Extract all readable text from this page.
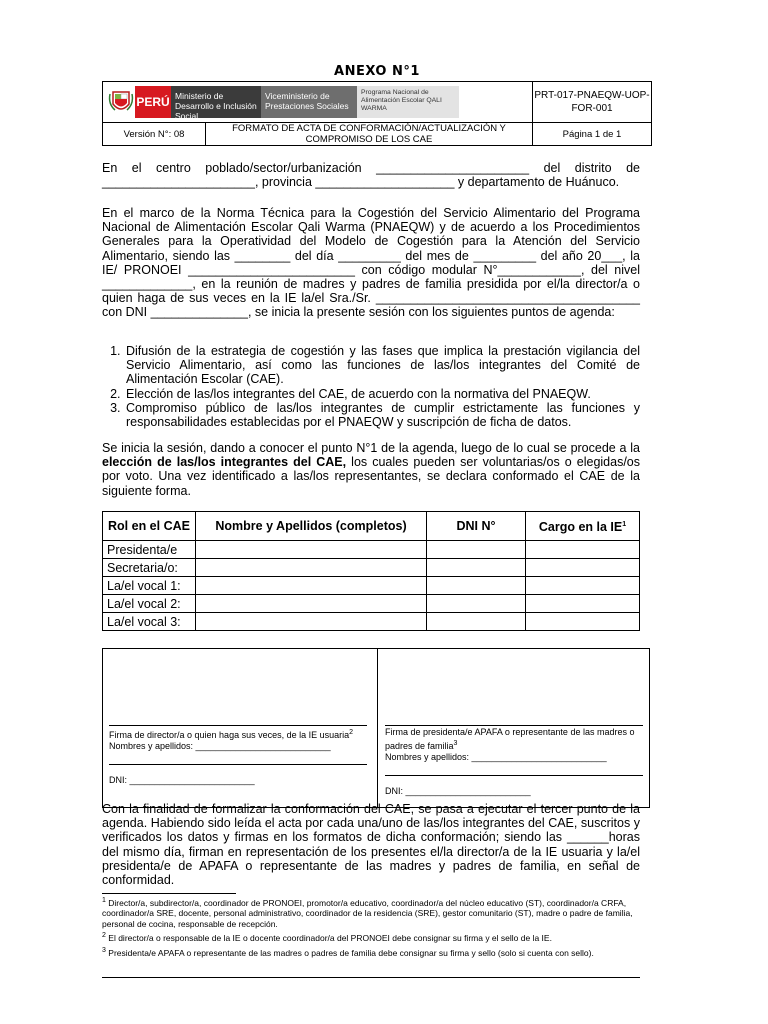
ANEXO N°1
PERÚ Ministerio de Desarrollo e Inclusión Social
Viceministerio de Prestaciones Sociales
Programa Nacional de Alimentación Escolar QALI WARMA		PRT-017-PNAEQW-UOP-FOR-001
Versión N°: 08	FORMATO DE ACTA DE CONFORMACIÓN/ACTUALIZACIÓN Y COMPROMISO DE LOS CAE	Página 1 de 1
En el centro poblado/sector/urbanización ______________________ del distrito de ______________________, provincia ____________________ y departamento de Huánuco.
En el marco de la Norma Técnica para la Cogestión del Servicio Alimentario del Programa Nacional de Alimentación Escolar Qali Warma (PNAEQW) y de acuerdo a los Procedimientos Generales para la Operatividad del Modelo de Cogestión para la Atención del Servicio Alimentario, siendo las ________ del día _________ del mes de _________ del año 20___, la IE/ PRONOEI ________________________ con código modular N°____________, del nivel _____________, en la reunión de madres y padres de familia presidida por el/la director/a o quien haga de sus veces en la IE la/el Sra./Sr. ______________________________________ con DNI ______________, se inicia la presente sesión con los siguientes puntos de agenda:
1. Difusión de la estrategia de cogestión y las fases que implica la prestación vigilancia del Servicio Alimentario, así como las funciones de las/los integrantes del Comité de Alimentación Escolar (CAE).
2. Elección de las/los integrantes del CAE, de acuerdo con la normativa del PNAEQW.
3. Compromiso público de las/los integrantes de cumplir estrictamente las funciones y responsabilidades establecidas por el PNAEQW y suscripción de ficha de datos.
Se inicia la sesión, dando a conocer el punto N°1 de la agenda, luego de lo cual se procede a la elección de las/los integrantes del CAE, los cuales pueden ser voluntarias/os o elegidas/os por voto. Una vez identificado a las/los representantes, se declara conformado el CAE de la siguiente forma.
Rol en el CAE	Nombre y Apellidos (completos)	DNI N°	Cargo en la $IE^1$
Presidenta/e			
Secretaria/o:			
La/el vocal 1:			
La/el vocal 2:			
La/el vocal 3:			
Firma de director/a o quien haga sus veces, de la IE usuaria$^2$
Nombres y apellidos: ___________________________
DNI: _________________________
Firma de presidenta/e APAFA o representante de las madres o padres de familia$^3$
Nombres y apellidos: ___________________________
DNI: _________________________
Con la finalidad de formalizar la conformación del CAE, se pasa a ejecutar el tercer punto de la agenda. Habiendo sido leída el acta por cada una/uno de las/los integrantes del CAE, suscritos y verificados los datos y firmas en los formatos de dicha conformación; siendo las ______horas del mismo día, firman en representación de los presentes el/la director/a de la IE usuaria y la/el presidenta/e de APAFA o representante de las madres y padres de familia, en señal de conformidad.

$^1$ Director/a, subdirector/a, coordinador de PRONOEI, promotor/a educativo, coordinador/a del núcleo educativo (ST), coordinador/a CRFA, coordinador/a SRE, docente, personal administrativo, coordinador de la residencia (SRE), gestor comunitario (ST), madre o padre de familia, personal de cocina, responsable de recepción.

$^2$ El director/a o responsable de la IE o docente coordinador/a del PRONOEI debe consignar su firma y el sello de la IE.

$^3$ Presidenta/e APAFA o representante de las madres o padres de familia debe consignar su firma y sello (solo si cuenta con sello).
